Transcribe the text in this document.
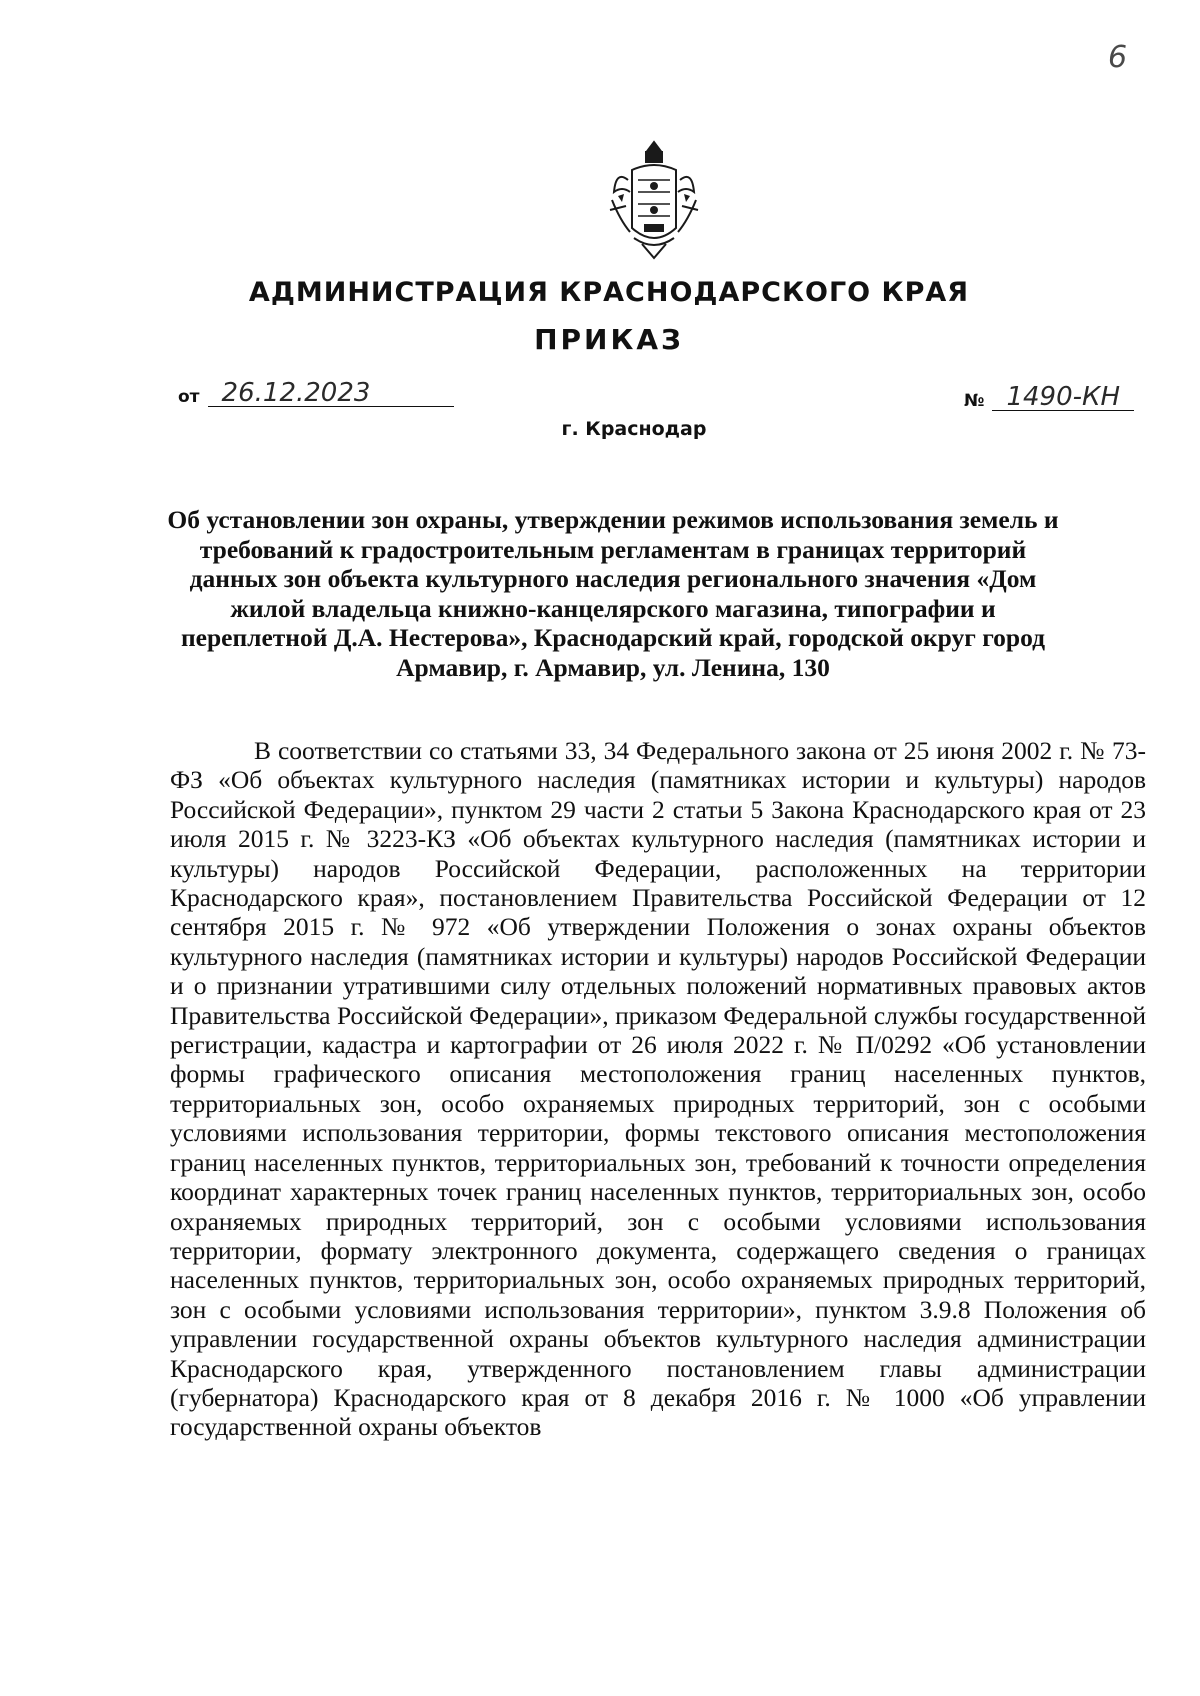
6
АДМИНИСТРАЦИЯ КРАСНОДАРСКОГО КРАЯ
ПРИКАЗ
от 26.12.2023	№ 1490-КН
г. Краснодар
Об установлении зон охраны, утверждении режимов использования земель и требований к градостроительным регламентам в границах территорий данных зон объекта культурного наследия регионального значения «Дом жилой владельца книжно-канцелярского магазина, типографии и переплетной Д.А. Нестерова», Краснодарский край, городской округ город Армавир, г. Армавир, ул. Ленина, 130
В соответствии со статьями 33, 34 Федерального закона от 25 июня 2002 г. № 73-ФЗ «Об объектах культурного наследия (памятниках истории и культуры) народов Российской Федерации», пунктом 29 части 2 статьи 5 Закона Краснодарского края от 23 июля 2015 г. № 3223-КЗ «Об объектах культурного наследия (памятниках истории и культуры) народов Российской Федерации, расположенных на территории Краснодарского края», постановлением Правительства Российской Федерации от 12 сентября 2015 г. № 972 «Об утверждении Положения о зонах охраны объектов культурного наследия (памятниках истории и культуры) народов Российской Федерации и о признании утратившими силу отдельных положений нормативных правовых актов Правительства Российской Федерации», приказом Федеральной службы государственной регистрации, кадастра и картографии от 26 июля 2022 г. № П/0292 «Об установлении формы графического описания местоположения границ населенных пунктов, территориальных зон, особо охраняемых природных территорий, зон с особыми условиями использования территории, формы текстового описания местоположения границ населенных пунктов, территориальных зон, требований к точности определения координат характерных точек границ населенных пунктов, территориальных зон, особо охраняемых природных территорий, зон с особыми условиями использования территории, формату электронного документа, содержащего сведения о границах населенных пунктов, территориальных зон, особо охраняемых природных территорий, зон с особыми условиями использования территории», пунктом 3.9.8 Положения об управлении государственной охраны объектов культурного наследия администрации Краснодарского края, утвержденного постановлением главы администрации (губернатора) Краснодарского края от 8 декабря 2016 г. № 1000 «Об управлении государственной охраны объектов
